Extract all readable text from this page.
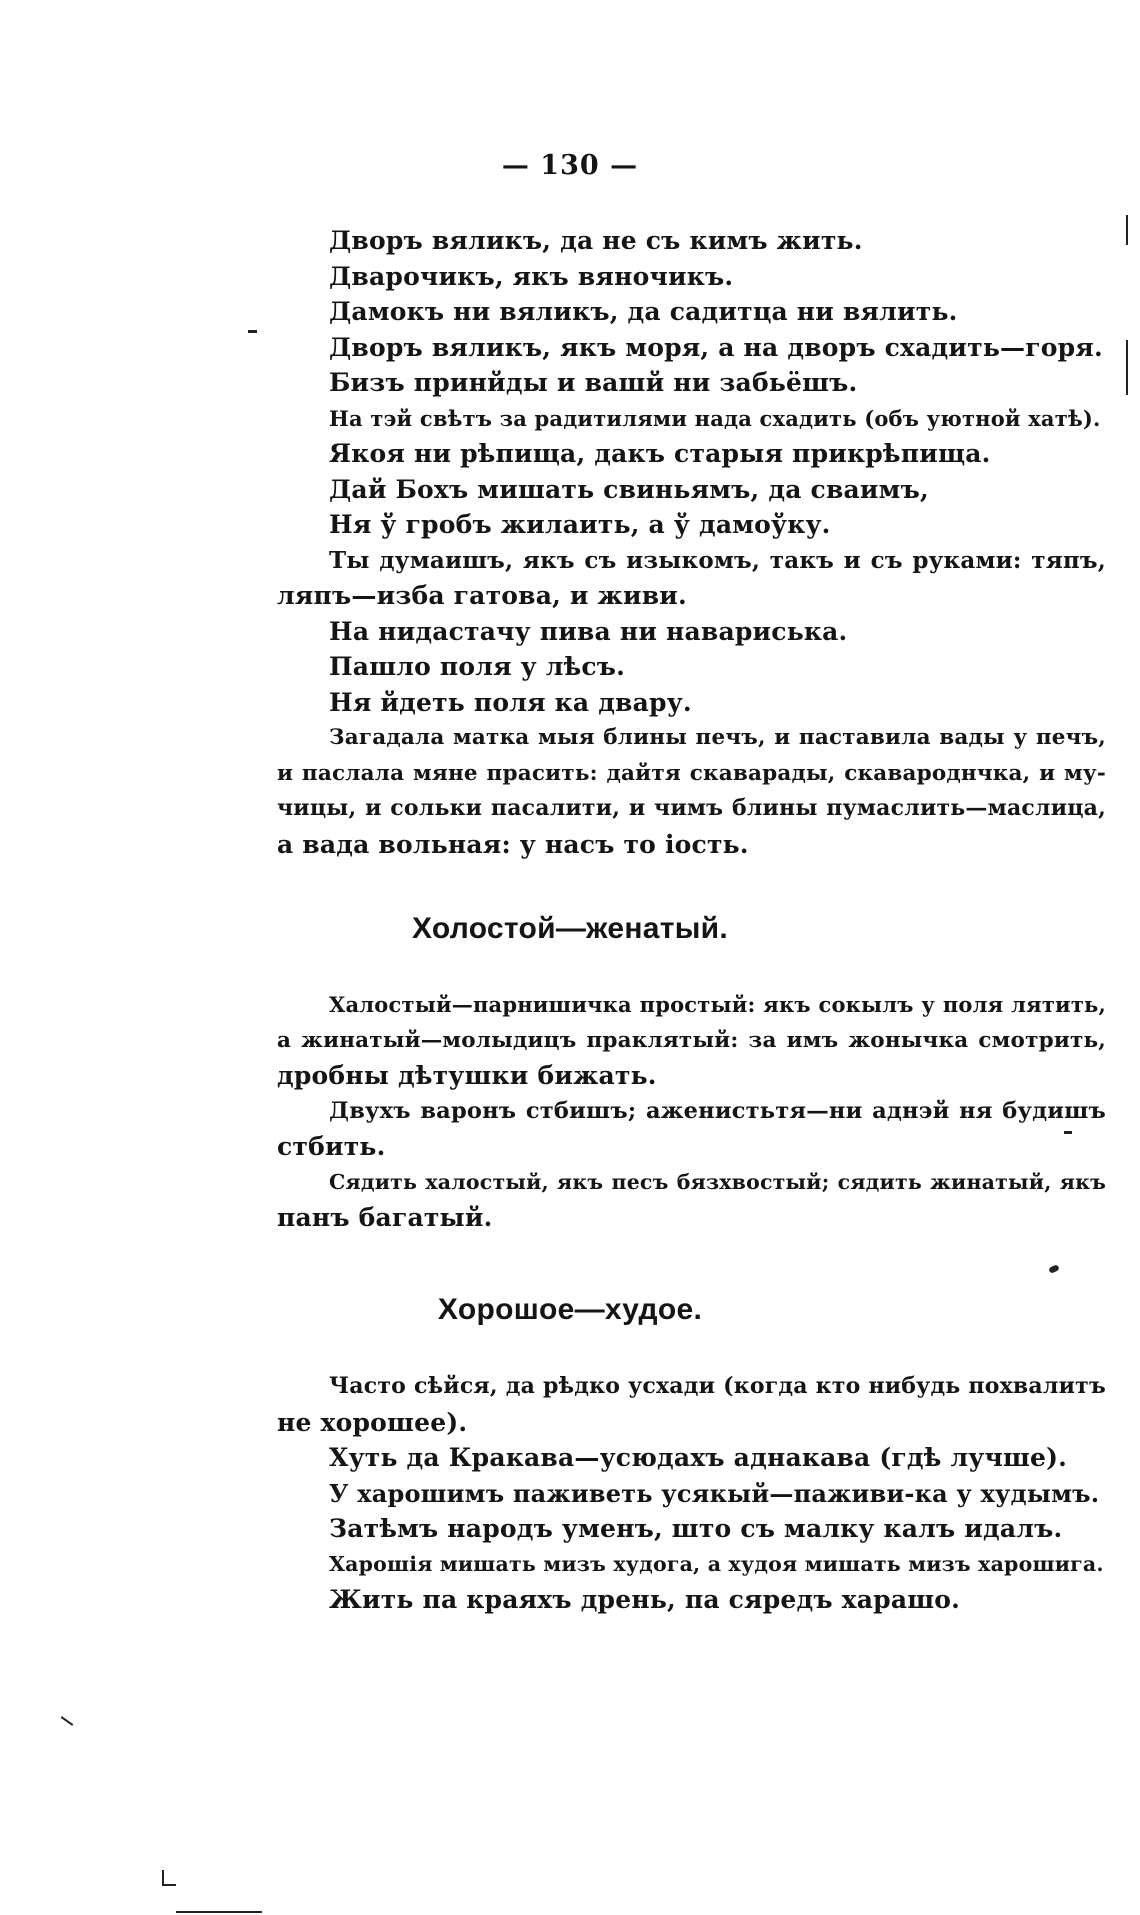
— 130 —
Дворъ вяликъ, да не съ кимъ жить.
Дварочикъ, якъ вяночикъ.
Дамокъ ни вяликъ, да садитца ни вялить.
Дворъ вяликъ, якъ моря, а на дворъ схадить—горя.
Бизъ принйды и вашй ни забьёшъ.
На тэй свѣтъ за радитилями нада схадить (объ уютной хатѣ).
Якоя ни рѣпища, дакъ старыя прикрѣпища.
Дай Бохъ мишать свиньямъ, да сваимъ,
Ня ў гробъ жилаить, а ў дамоўку.
Ты думаишъ, якъ съ изыкомъ, такъ и съ руками: тяпъ,
ляпъ—изба гатова, и живи.
На нидастачу пива ни навариська.
Пашло поля у лѣсъ.
Ня йдеть поля ка двару.
Загадала матка мыя блины печъ, и паставила вады у печъ,
и паслала мяне прасить: дайтя скаварады, скавароднчка, и му-
чицы, и сольки пасалити, и чимъ блины пумаслить—маслица,
а вада вольная: у насъ то іость.
Холостой—женатый.
Халостый—парнишичка простый: якъ сокылъ у поля лятить,
а жинатый—молыдицъ праклятый: за имъ жонычка смотрить,
дробны дѣтушки бижать.
Двухъ варонъ стбишъ; аженистьтя—ни аднэй ня будишъ
стбить.
Сядить халостый, якъ песъ бязхвостый; сядить жинатый, якъ
панъ багатый.
Хорошое—худое.
Часто сѣйся, да рѣдко усхади (когда кто нибудь похвалитъ
не хорошее).
Хуть да Кракава—усюдахъ аднакава (гдѣ лучше).
У харошимъ паживеть усякый—паживи-ка у худымъ.
Затѣмъ народъ уменъ, што съ малку калъ идалъ.
Харошія мишать мизъ худога, а худоя мишать мизъ харошига.
Жить па краяхъ дрень, па сяредъ харашо.
